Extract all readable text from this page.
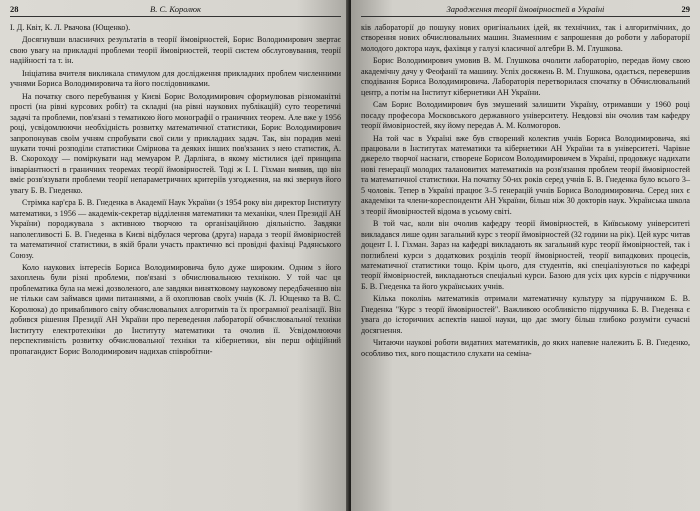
28	В. С. Королюк

І. Д. Квіт, К. Л. Рвачова (Ющенко).

Досягнувши власничих результатів в теорії ймовірностей, Борис Володимирович звертає свою увагу на прикладні проблеми теорії ймовірностей, теорії систем обслуговування, теорії надійності та т. ін.

Ініціатива вчителя викликала стимулом для дослідження прикладних проблем численними учнями Бориса Володимировича та його послідовниками.

На початку свого перебування у Києві Борис Володимирович сформулював різноманітні прості (на рівні курсових робіт) та складні (на рівні наукових публікацій) суто теоретичні задачі та проблеми, пов'язані з тематикою його монографії о граничних теорем. Але вже у 1956 році, усвідомлюючи необхідність розвитку математичної статистики, Борис Володимирович запропонував своїм учням спробувати свої сили у прикладних задач. Так, він порадив мені шукати точні розподіли статистики Смірнова та деяких інших пов'язаних з нею статистик, А. В. Скороходу — поміркувати над мемуаром Р. Дарлінга, в якому містилися ідеї принципа інваріантності в граничних теоремах теорії ймовірностей. Тоді ж І. І. Гіхман виявив, що він вміє розв'язувати проблеми теорії непараметричних критеріїв узгодження, на які звернув його увагу Б. В. Гнеденко.

Стрімка кар'єра Б. В. Гнеденка в Академії Наук України (з 1954 року він директор Інституту математики, з 1956 — академік-секретар відділення математики та механіки, член Президії АН України) породжувала з активною творчою та організаційною діяльністю. Завдяки наполегливості Б. В. Гнеденка в Києві відбулася чергова (друга) нарада з теорії ймовірностей та математичної статистики, в якій брали участь практично всі провідні фахівці Радянського Союзу.

Коло наукових інтересів Бориса Володимировича було дуже широким. Одним з його захоплень були різні проблеми, пов'язані з обчислювальною технікою. У той час ця проблематика була на межі дозволеного, але завдяки винятковому науковому передбаченню він не тільки сам займався цими питаннями, а й охоплював своїх учнів (К. Л. Ющенко та В. С. Королюка) до привабливого світу обчислювальних алгоритмів та їх програмної реалізації. Він добився рішення Президії АН України про переведення лабораторії обчислювальної техніки Інституту електротехніки до Інституту математики та очолив її. Усвідомлюючи перспективність розвитку обчислювальної техніки та кібернетики, він перш офіційний пропагандист Борис Володимирович надихав співробітни-

Зародження теорії ймовірностей в Україні	29

ків лабораторії до пошуку нових оригінальних ідей, як технічних, так і алгоритмічних, до створення нових обчислювальних машин. Знаменним є запрошення до роботи у лабораторії молодого доктора наук, фахівця у галузі класичної алгебри В. М. Глушкова.

Борис Володимирович умовив В. М. Глушкова очолити лабораторію, передав йому свою академічну дачу у Феофанії та машину. Успіх досяжень В. М. Глушкова, одається, перевершив сподівання Бориса Володимировича. Лабораторія перетворилася спочатку в Обчислювальний центр, а потім на Інститут кібернетики АН України.

Сам Борис Володимирович був змушений залишити Україну, отримавши у 1960 році посаду професора Московського державного університету. Невдовзі він очолив там кафедру теорії ймовірностей, яку йому передав А. М. Колмогоров.

На той час в Україні вже був створений колектив учнів Бориса Володимировича, які працювали в Інститутах математики та кібернетики АН України та в університеті. Чарівне джерело творчої наснаги, створене Борисом Володимировичем в Україні, продовжує надихати нові генерації молодих талановитих математиків на розв'язання проблем теорії ймовірностей та математичної статистики. На початку 50-их років серед учнів Б. В. Гнеденка було всього 3–5 чоловік. Тепер в Україні працює 3–5 генерацій учнів Бориса Володимировича. Серед них є академіки та члени-кореспонденти АН України, більш ніж 30 докторів наук. Українська школа з теорії ймовірностей відома в усьому світі.

В той час, коли він очолив кафедру теорії ймовірностей, в Київському університеті викладався лише один загальний курс з теорії ймовірностей (32 години на рік). Цей курс читав доцент І. І. Гіхман. Зараз на кафедрі викладають як загальний курс теорії ймовірностей, так і поглиблені курси з додаткових розділів теорії ймовірностей, теорії випадкових процесів, математичної статистики тощо. Крім цього, для студентів, які спеціалізуються по кафедрі теорії ймовірностей, викладаються спеціальні курси. Базою для усіх цих курсів є підручники Б. В. Гнеденка та його українських учнів.

Кілька поколінь математиків отримали математичну культуру за підручником Б. В. Гнеденка "Курс з теорії ймовірностей". Важливою особливістю підручника Б. В. Гнеденка є увага до історичних аспектів нашої науки, що дає змогу більш глибоко розуміти сучасні досягнення.

Читаючи наукові роботи видатних математиків, до яких напевне належить Б. В. Гнеденко, особливо тих, кого пощастило слухати на семіна-
